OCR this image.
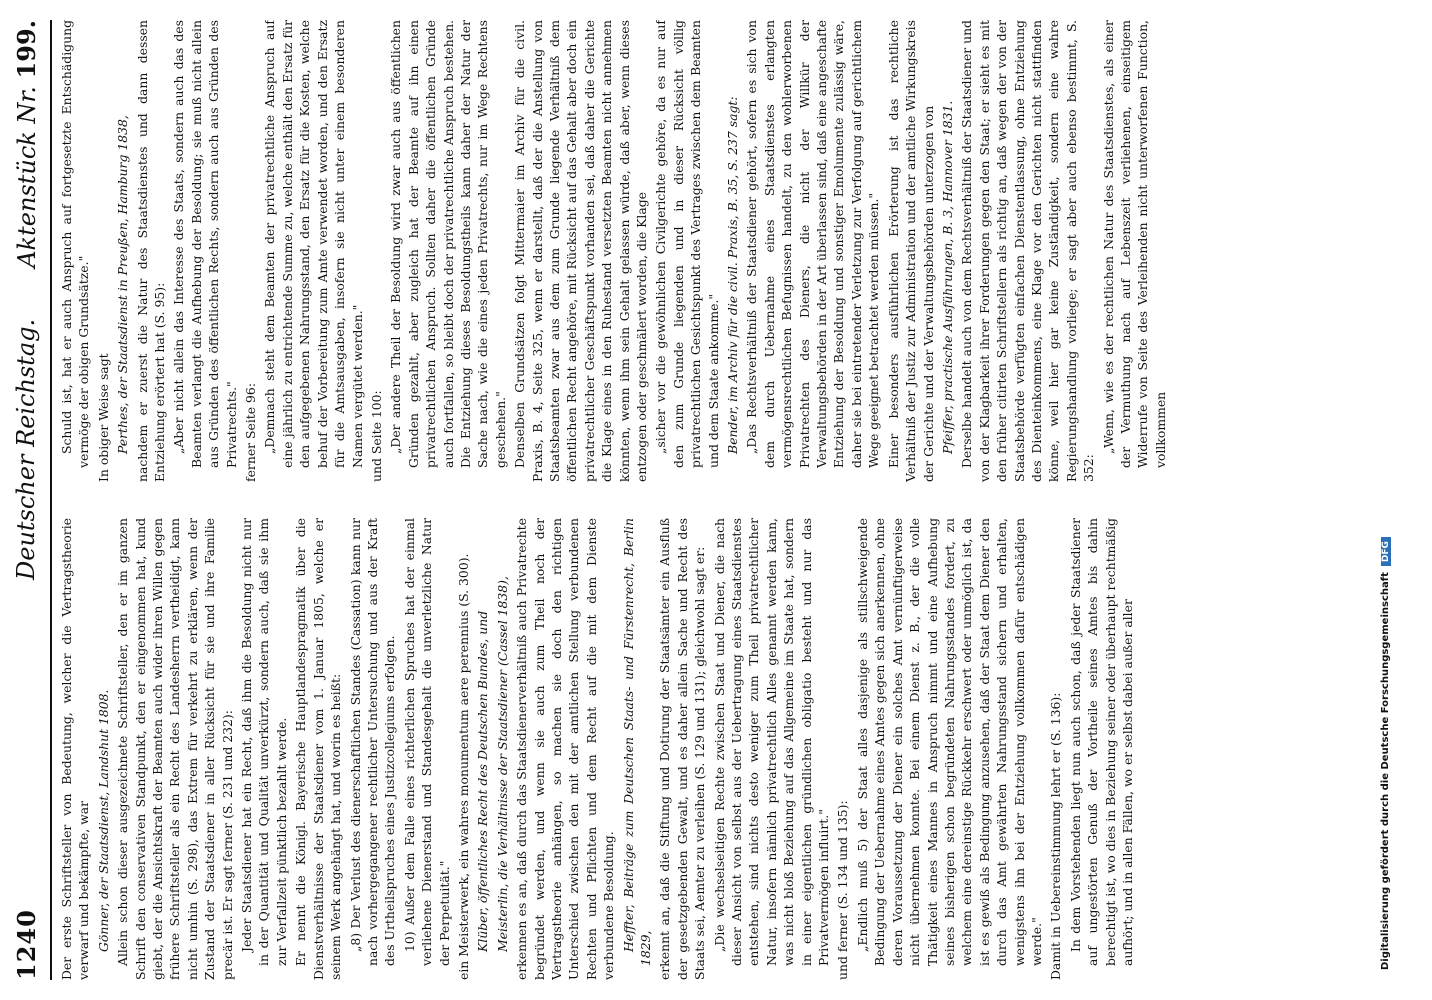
1240
Deutscher Reichstag.
Aktenstück Nr. 199.

Der erste Schriftsteller von Bedeutung, welcher die Vertragstheorie verwarf und bekämpfte, war Gönner, der Staatsdienst, Landshut 1808. Allein schon dieser ausgezeichnete Schriftsteller, den er im ganzen Schrift den conservativen Standpunkt, den er eingenommen hat, kund giebt, der die Ansichtskraft der Beamten auch wider ihren Willen gegen frühere Schriftsteller als ein Recht des Landesherrn vertheidigt, kann nicht umhin (S. 298), das Extrem für verkehrt zu erklären, wenn der Zustand der Staatsdiener in aller Rücksicht für sie und ihre Familie precär ist. Er sagt ferner (S. 231 und 232): Jeder Staatsdiener hat ein Recht, daß ihm die Besoldung nicht nur in der Quantität und Qualität unverkürzt, sondern auch, daß sie ihm zur Verfallzeit pünktlich bezahlt werde. Er nennt die Königl. Bayerische Hauptlandespragmatik über die Dienstverhältnisse der Staatsdiener vom 1. Januar 1805, welche er seinem Werk angehängt hat, und worin es heißt: „8) Der Verlust des dienerschaftlichen Standes (Cassation) kann nur nach vorhergegangener rechtlicher Untersuchung und aus der Kraft des Urtheilspruches eines Justizcollegiums erfolgen. 10) Außer dem Falle eines richterlichen Spruches hat der einmal verliehene Dienerstand und Standesgehalt die unverletzliche Natur der Perpetuität." ein Meisterwerk, ein wahres monumentum aere perennius (S. 300). Klüber, öffentliches Recht des Deutschen Bundes, und Meisterlin, die Verhältnisse der Staatsdiener (Cassel 1838), erkennen es an, daß durch das Staatsdienerverhältniß auch Privatrechte begründet werden, und wenn sie auch zum Theil noch der Vertragstheorie anhängen, so machen sie doch den richtigen Unterschied zwischen den mit der amtlichen Stellung verbundenen Rechten und Pflichten und dem Recht auf die mit dem Dienste verbundene Besoldung. Heffter, Beiträge zum Deutschen Staats- und Fürstenrecht, Berlin 1829, erkennt an, daß die Stiftung und Dotirung der Staatsämter ein Ausfluß der gesetzgebenden Gewalt, und es daher allein Sache und Recht des Staats sei, Aemter zu verleihen (S. 129 und 131); gleichwohl sagt er: „Die wechselseitigen Rechte zwischen Staat und Diener, die nach dieser Ansicht von selbst aus der Uebertragung eines Staatsdienstes entstehen, sind nichts desto weniger zum Theil privatrechtlicher Natur, insofern nämlich privatrechtlich Alles genannt werden kann, was nicht bloß Beziehung auf das Allgemeine im Staate hat, sondern in einer eigentlichen gründlichen obligatio besteht und nur das Privatvermögen influirt." und ferner (S. 134 und 135): „Endlich muß 5) der Staat alles dasjenige als stillschweigende Bedingung der Uebernahme eines Amtes gegen sich anerkennen, ohne deren Voraussetzung der Diener ein solches Amt vernünftigerweise nicht übernehmen konnte. Bei einem Dienst z. B., der die volle Thätigkeit eines Mannes in Anspruch nimmt und eine Aufhebung seines bisherigen schon begründeten Nahrungsstandes fordert, zu welchem eine dereinstige Rückkehr erschwert oder unmöglich ist, da ist es gewiß als Bedingung anzusehen, daß der Staat dem Diener den durch das Amt gewährten Nahrungsstand sichern und erhalten, wenigstens ihn bei der Entziehung vollkommen dafür entschädigen werde." Damit in Uebereinstimmung lehrt er (S. 136): In dem Vorstehenden liegt nun auch schon, daß jeder Staatsdiener auf ungestörten Genuß der Vortheile seines Amtes bis dahin berechtigt ist, wo dies in Beziehung seiner oder überhaupt rechtmäßig aufhört; und in allen Fällen, wo er selbst dabei außer aller

Schuld ist, hat er auch Anspruch auf fortgesetzte Entschädigung vermöge der obigen Grundsätze." In obiger Weise sagt Perthes, der Staatsdienst in Preußen, Hamburg 1838, nachdem er zuerst die Natur des Staatsdienstes und dann dessen Entziehung erörtert hat (S. 95): „Aber nicht allein das Interesse des Staats, sondern auch das des Beamten verlangt die Aufhebung der Besoldung; sie muß nicht allein aus Gründen des öffentlichen Rechts, sondern auch aus Gründen des Privatrechts." ferner Seite 96: „Demnach steht dem Beamten der privatrechtliche Anspruch auf eine jährlich zu entrichtende Summe zu, welche enthält den Ersatz für den aufgegebenen Nahrungsstand, den Ersatz für die Kosten, welche behuf der Vorbereitung zum Amte verwendet worden, und den Ersatz für die Amtsausgaben, insofern sie nicht unter einem besonderen Namen vergütet werden." und Seite 100: „Der andere Theil der Besoldung wird zwar auch aus öffentlichen Gründen gezahlt, aber zugleich hat der Beamte auf ihn einen privatrechtlichen Anspruch. Sollten daher die öffentlichen Gründe auch fortfallen, so bleibt doch der privatrechtliche Anspruch bestehen. Die Entziehung dieses Besoldungstheils kann daher der Natur der Sache nach, wie die eines jeden Privatrechts, nur im Wege Rechtens geschehen." Denselben Grundsätzen folgt Mittermaier im Archiv für die civil. Praxis, B. 4, Seite 325, wenn er darstellt, daß der die Anstellung von Staatsbeamten zwar aus dem zum Grunde liegende Verhältniß dem öffentlichen Recht angehöre, mit Rücksicht auf das Gehalt aber doch ein privatrechtlicher Geschäftspunkt vorhanden sei, daß daher die Gerichte die Klage eines in den Ruhestand versetzten Beamten nicht annehmen könnten, wenn ihm sein Gehalt gelassen würde, daß aber, wenn dieses entzogen oder geschmälert worden, die Klage „sicher vor die gewöhnlichen Civilgerichte gehöre, da es nur auf den zum Grunde liegenden und in dieser Rücksicht völlig privatrechtlichen Gesichtspunkt des Vertrages zwischen dem Beamten und dem Staate ankomme." Bender, im Archiv für die civil. Praxis, B. 35, S. 237 sagt: „Das Rechtsverhältniß der Staatsdiener gehört, sofern es sich von dem durch Uebernahme eines Staatsdienstes erlangten vermögensrechtlichen Befugnissen handelt, zu den wohlerworbenen Privatrechten des Dieners, die nicht der Willkür der Verwaltungsbehörden in der Art überlassen sind, daß eine angeschafte Entziehung der Besoldung und sonstiger Emolumente zulässig wäre, daher sie bei eintretender Verletzung zur Verfolgung auf gerichtlichem Wege geeignet betrachtet werden müssen." Einer besonders ausführlichen Erörterung ist das rechtliche Verhältniß der Justiz zur Administration und der amtliche Wirkungskreis der Gerichte und der Verwaltungsbehörden unterzogen von Pfeiffer, practische Ausführungen, B. 3, Hannover 1831. Derselbe handelt auch von dem Rechtsverhältniß der Staatsdiener und von der Klagbarkeit ihrer Forderungen gegen den Staat; er sieht es mit den früher citirten Schriftstellern als richtig an, daß wegen der von der Staatsbehörde verfügten einfachen Dienstentlassung, ohne Entziehung des Dienteinkommens, eine Klage vor den Gerichten nicht stattfinden könne, weil hier gar keine Zuständigkeit, sondern eine wahre Regierungshandlung vorliege; er sagt aber auch ebenso bestimmt, S. 352:

„Wenn, wie es der rechtlichen Natur des Staatsdienstes, als einer der Vermuthung nach auf Lebenszeit verliehenen, einseitigem Widerrufe von Seite des Verleihenden nicht unterworfenen Function, vollkommen

Digitalisierung gefördert durch die Deutsche ForschungsgemeinschaftDFG
